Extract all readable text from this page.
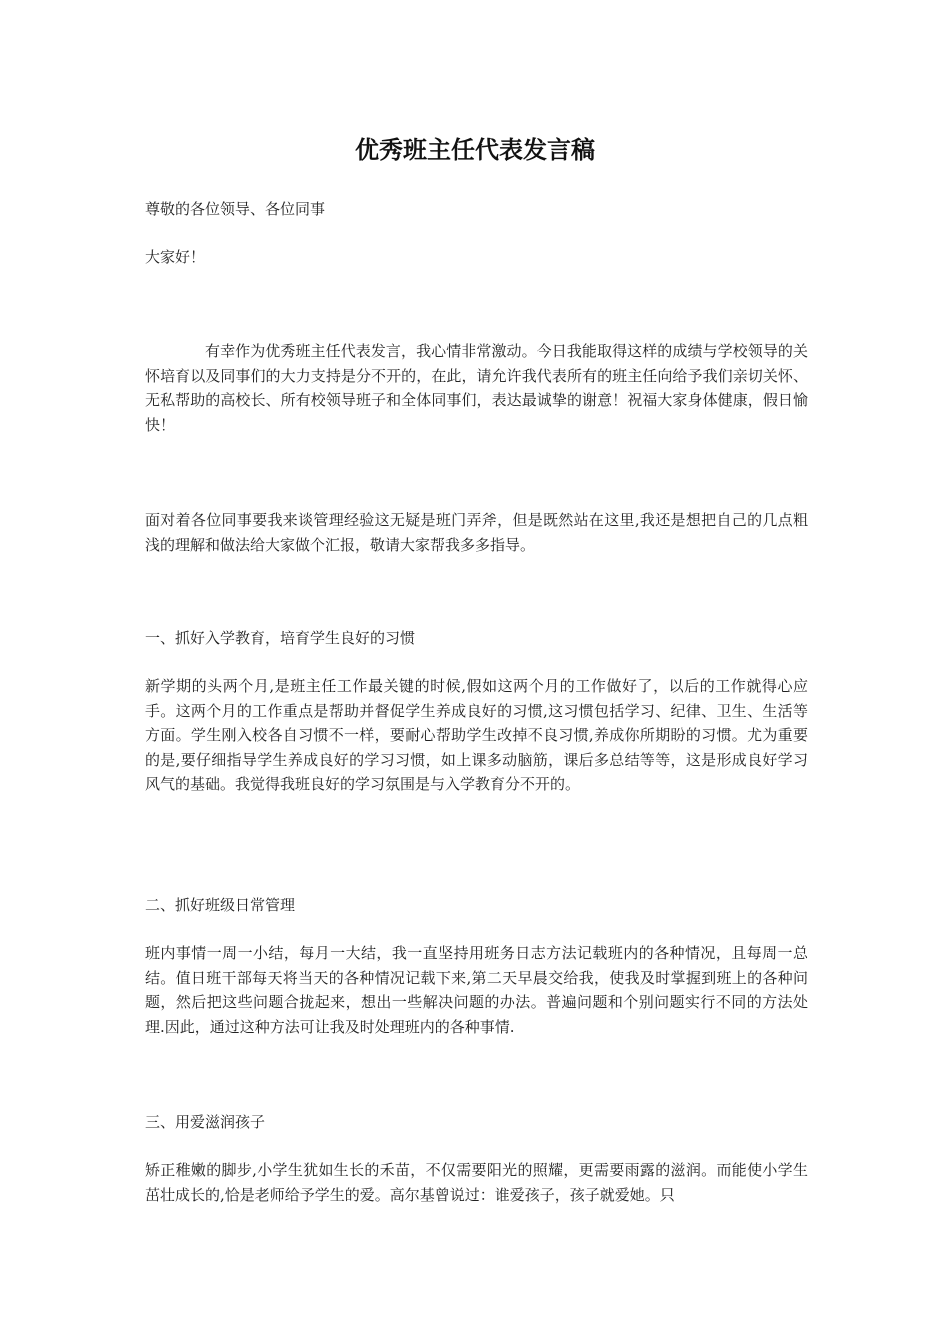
优秀班主任代表发言稿

尊敬的各位领导、各位同事

大家好！

有幸作为优秀班主任代表发言，我心情非常激动。今日我能取得这样的成绩与学校领导的关怀培育以及同事们的大力支持是分不开的，在此，请允许我代表所有的班主任向给予我们亲切关怀、无私帮助的高校长、所有校领导班子和全体同事们，表达最诚挚的谢意！祝福大家身体健康，假日愉快！

面对着各位同事要我来谈管理经验这无疑是班门弄斧，但是既然站在这里,我还是想把自己的几点粗浅的理解和做法给大家做个汇报，敬请大家帮我多多指导。

一、抓好入学教育，培育学生良好的习惯

新学期的头两个月,是班主任工作最关键的时候,假如这两个月的工作做好了，以后的工作就得心应手。这两个月的工作重点是帮助并督促学生养成良好的习惯,这习惯包括学习、纪律、卫生、生活等方面。学生刚入校各自习惯不一样，要耐心帮助学生改掉不良习惯,养成你所期盼的习惯。尤为重要的是,要仔细指导学生养成良好的学习习惯，如上课多动脑筋，课后多总结等等，这是形成良好学习风气的基础。我觉得我班良好的学习氛围是与入学教育分不开的。

二、抓好班级日常管理

班内事情一周一小结，每月一大结，我一直坚持用班务日志方法记载班内的各种情况，且每周一总结。值日班干部每天将当天的各种情况记载下来,第二天早晨交给我，使我及时掌握到班上的各种问题，然后把这些问题合拢起来，想出一些解决问题的办法。普遍问题和个别问题实行不同的方法处理.因此，通过这种方法可让我及时处理班内的各种事情.

三、用爱滋润孩子

矫正稚嫩的脚步,小学生犹如生长的禾苗，不仅需要阳光的照耀，更需要雨露的滋润。而能使小学生茁壮成长的,恰是老师给予学生的爱。高尔基曾说过：谁爱孩子，孩子就爱她。只
